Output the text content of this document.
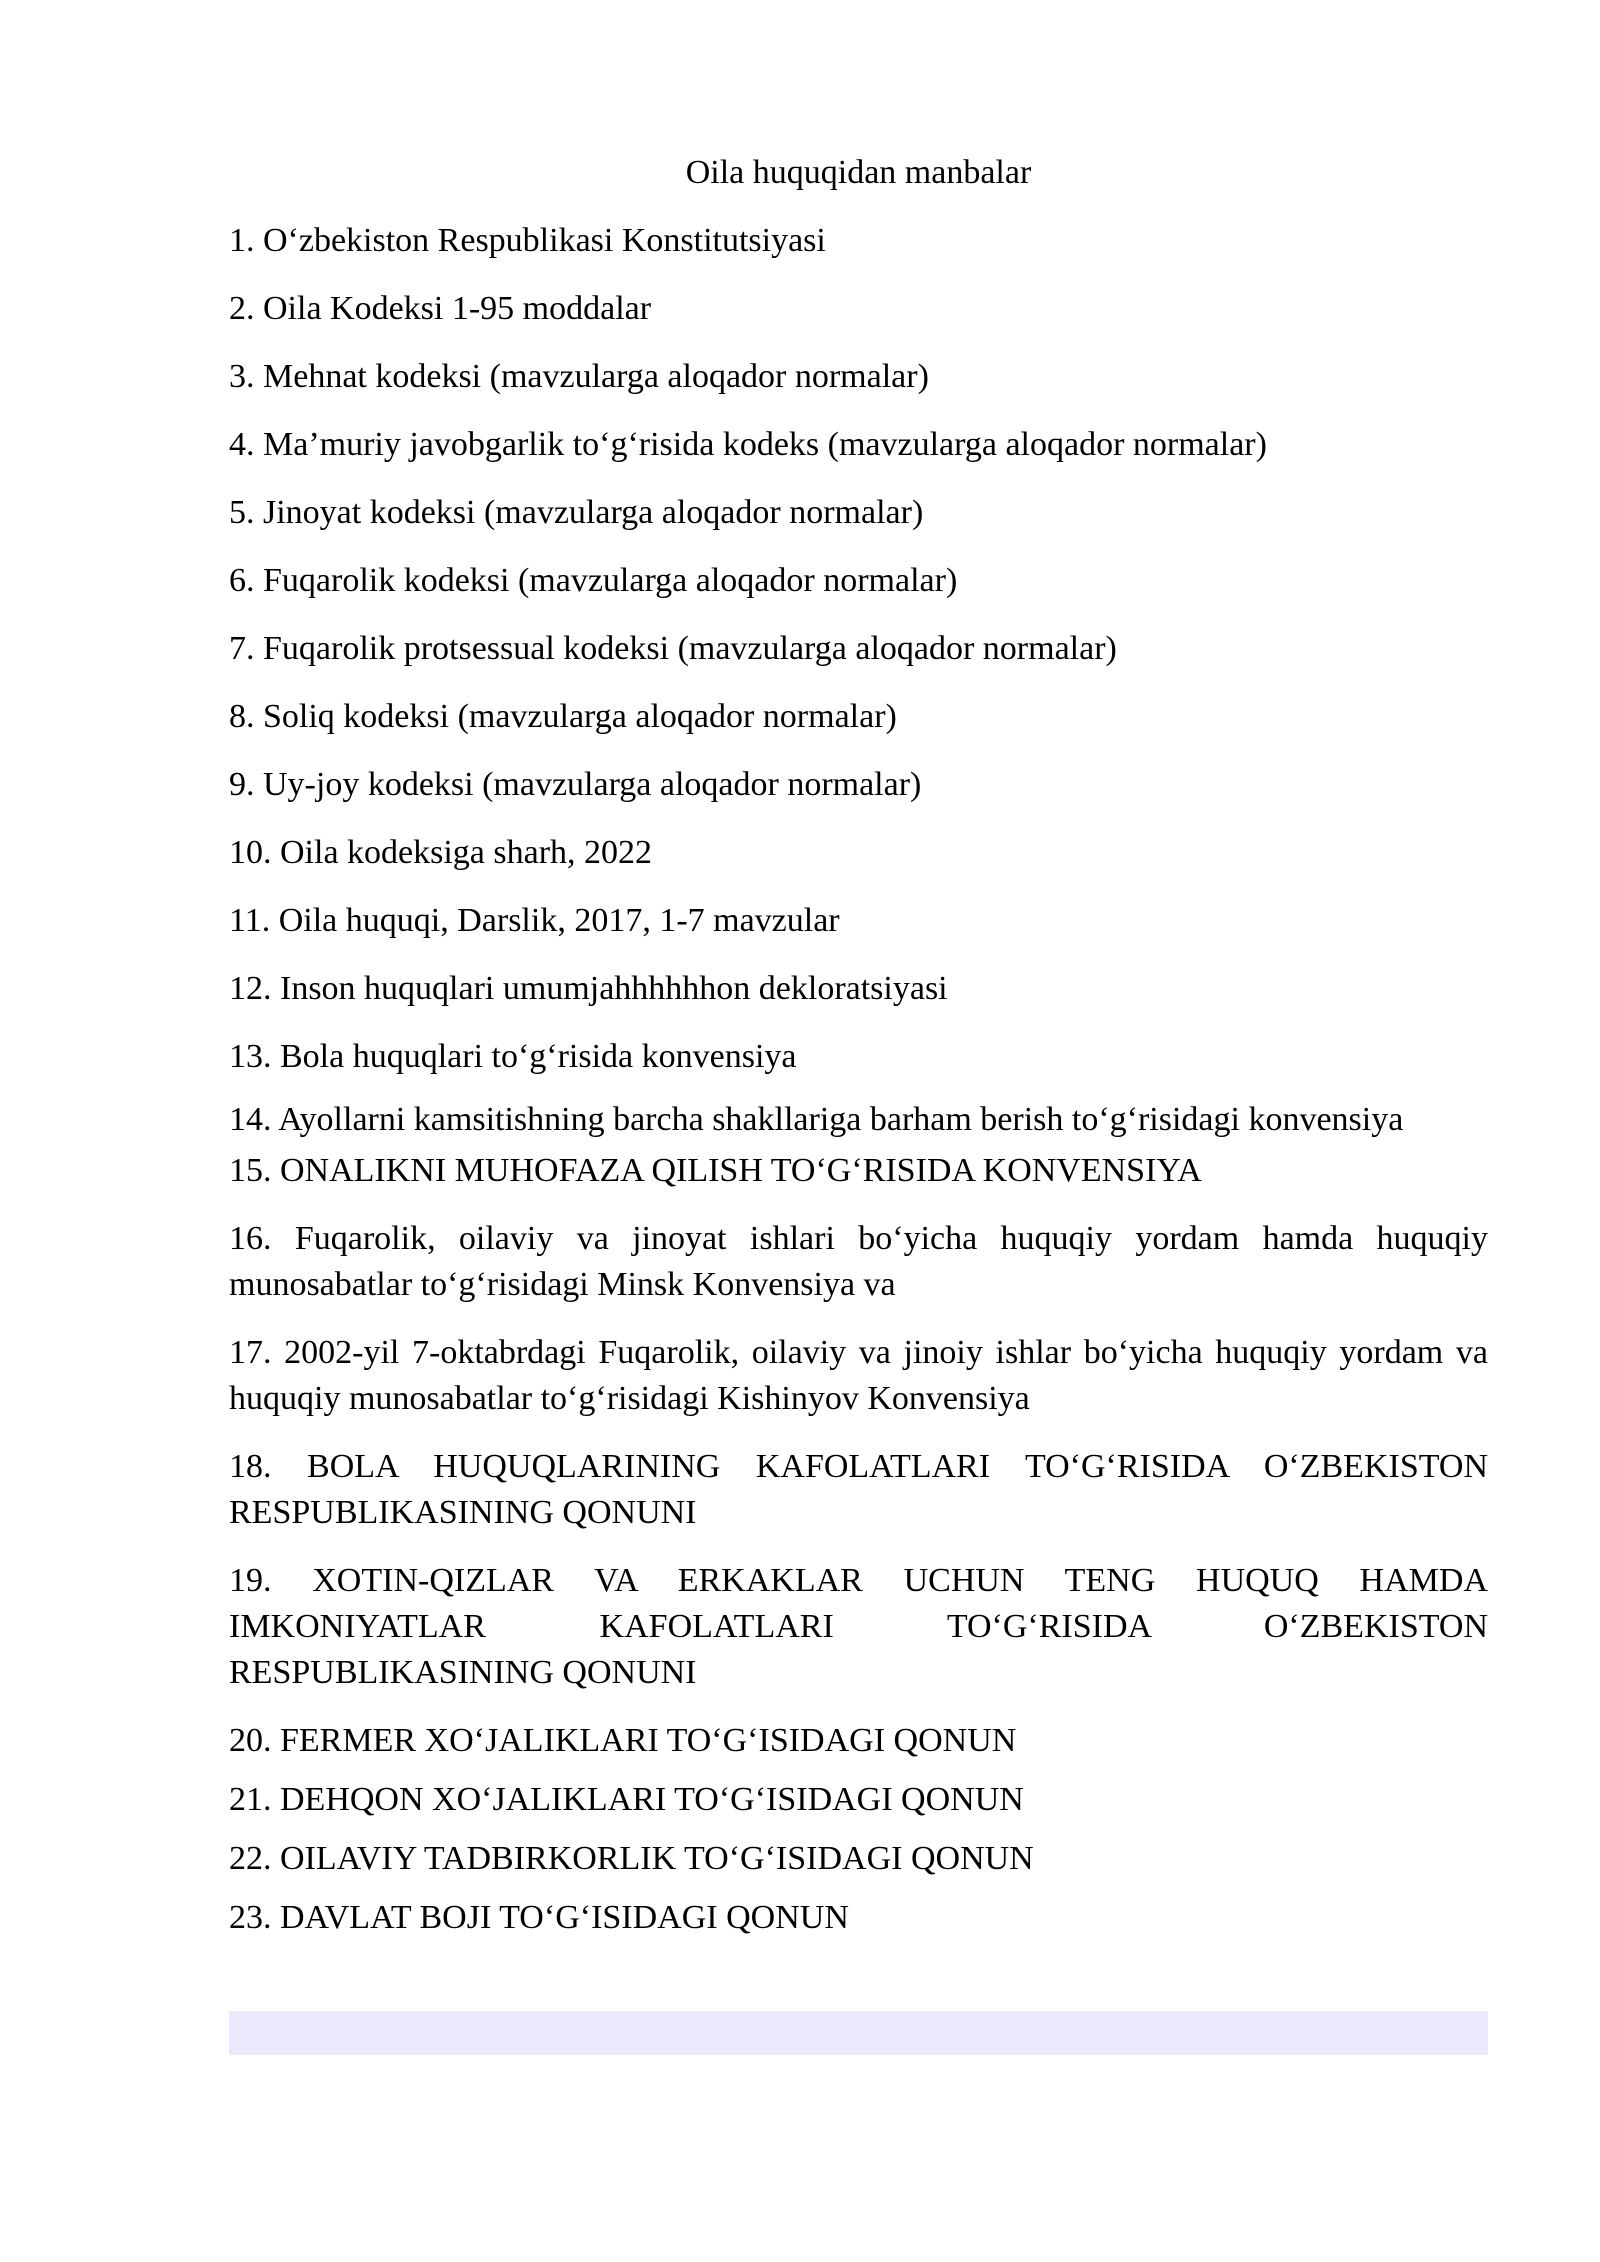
Oila huquqidan manbalar
1. O‘zbekiston Respublikasi Konstitutsiyasi
2. Oila Kodeksi 1-95 moddalar
3. Mehnat kodeksi (mavzularga aloqador normalar)
4. Ma’muriy javobgarlik to‘g‘risida kodeks (mavzularga aloqador normalar)
5. Jinoyat kodeksi (mavzularga aloqador normalar)
6. Fuqarolik kodeksi (mavzularga aloqador normalar)
7. Fuqarolik protsessual kodeksi (mavzularga aloqador normalar)
8. Soliq kodeksi (mavzularga aloqador normalar)
9. Uy-joy kodeksi (mavzularga aloqador normalar)
10. Oila kodeksiga sharh, 2022
11. Oila huquqi, Darslik, 2017, 1-7 mavzular
12. Inson huquqlari umumjahhhhhhon dekloratsiyasi
13. Bola huquqlari to‘g‘risida konvensiya
14. Ayollarni kamsitishning barcha shakllariga barham berish to‘g‘risidagi konvensiya
15. ONALIKNI MUHOFAZA QILISH TO‘G‘RISIDA KONVENSIYA
16. Fuqarolik, oilaviy va jinoyat ishlari bo‘yicha huquqiy yordam hamda huquqiy munosabatlar to‘g‘risidagi Minsk Konvensiya va
17. 2002-yil 7-oktabrdagi Fuqarolik, oilaviy va jinoiy ishlar bo‘yicha huquqiy yordam va huquqiy munosabatlar to‘g‘risidagi Kishinyov Konvensiya
18. BOLA HUQUQLARINING KAFOLATLARI TO‘G‘RISIDA O‘ZBEKISTON RESPUBLIKASINING QONUNI
19. XOTIN-QIZLAR VA ERKAKLAR UCHUN TENG HUQUQ HAMDA IMKONIYATLAR KAFOLATLARI TO‘G‘RISIDA O‘ZBEKISTON RESPUBLIKASINING QONUNI
20. FERMER XO‘JALIKLARI TO‘G‘ISIDAGI QONUN
21. DEHQON XO‘JALIKLARI TO‘G‘ISIDAGI QONUN
22. OILAVIY TADBIRKORLIK TO‘G‘ISIDAGI QONUN
23. DAVLAT BOJI TO‘G‘ISIDAGI QONUN
